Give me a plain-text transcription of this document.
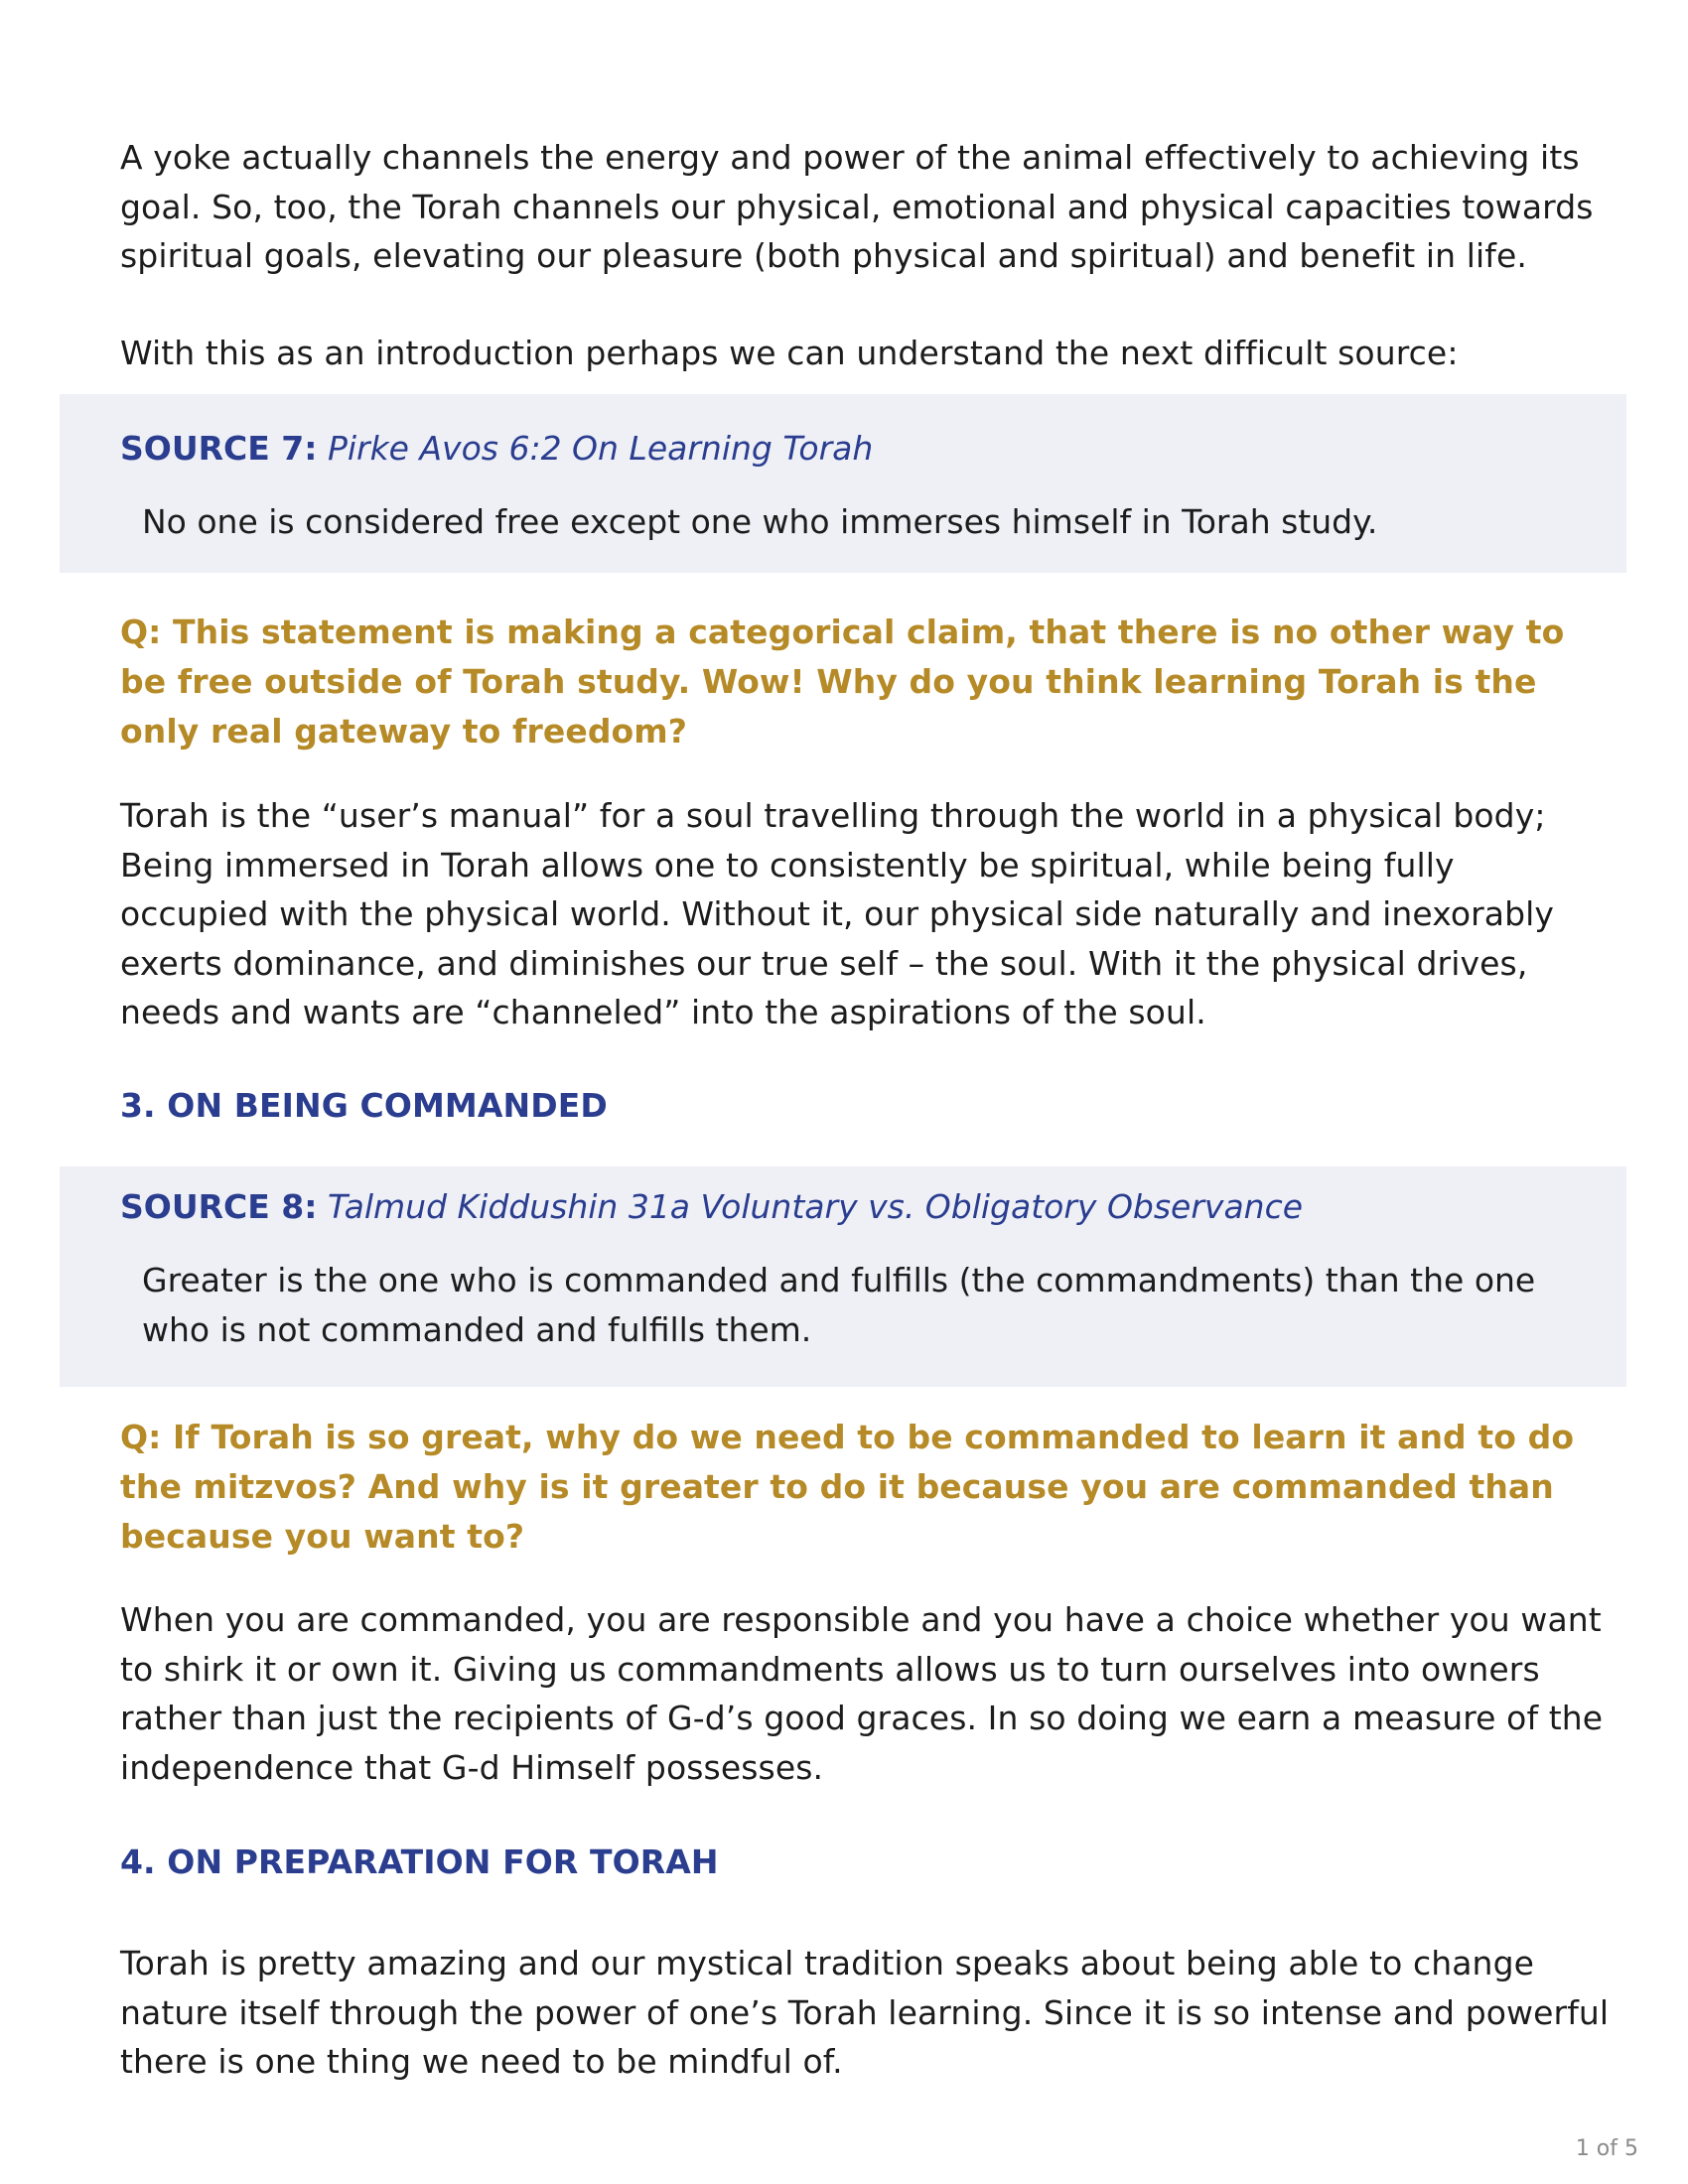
A yoke actually channels the energy and power of the animal effectively to achieving its goal. So, too, the Torah channels our physical, emotional and physical capacities towards spiritual goals, elevating our pleasure (both physical and spiritual) and benefit in life.

With this as an introduction perhaps we can understand the next difficult source:

SOURCE 7: Pirke Avos 6:2 On Learning Torah

No one is considered free except one who immerses himself in Torah study.

Q: This statement is making a categorical claim, that there is no other way to be free outside of Torah study. Wow! Why do you think learning Torah is the only real gateway to freedom?

Torah is the “user’s manual” for a soul travelling through the world in a physical body; Being immersed in Torah allows one to consistently be spiritual, while being fully occupied with the physical world. Without it, our physical side naturally and inexorably exerts dominance, and diminishes our true self – the soul. With it the physical drives, needs and wants are “channeled” into the aspirations of the soul.

3. ON BEING COMMANDED
SOURCE 8: Talmud Kiddushin 31a Voluntary vs. Obligatory Observance

Greater is the one who is commanded and fulfills (the commandments) than the one who is not commanded and fulfills them.

Q: If Torah is so great, why do we need to be commanded to learn it and to do the mitzvos? And why is it greater to do it because you are commanded than because you want to?

When you are commanded, you are responsible and you have a choice whether you want to shirk it or own it. Giving us commandments allows us to turn ourselves into owners rather than just the recipients of G-d’s good graces. In so doing we earn a measure of the independence that G-d Himself possesses.

4. ON PREPARATION FOR TORAH

Torah is pretty amazing and our mystical tradition speaks about being able to change nature itself through the power of one’s Torah learning. Since it is so intense and powerful there is one thing we need to be mindful of.

1 of 5
